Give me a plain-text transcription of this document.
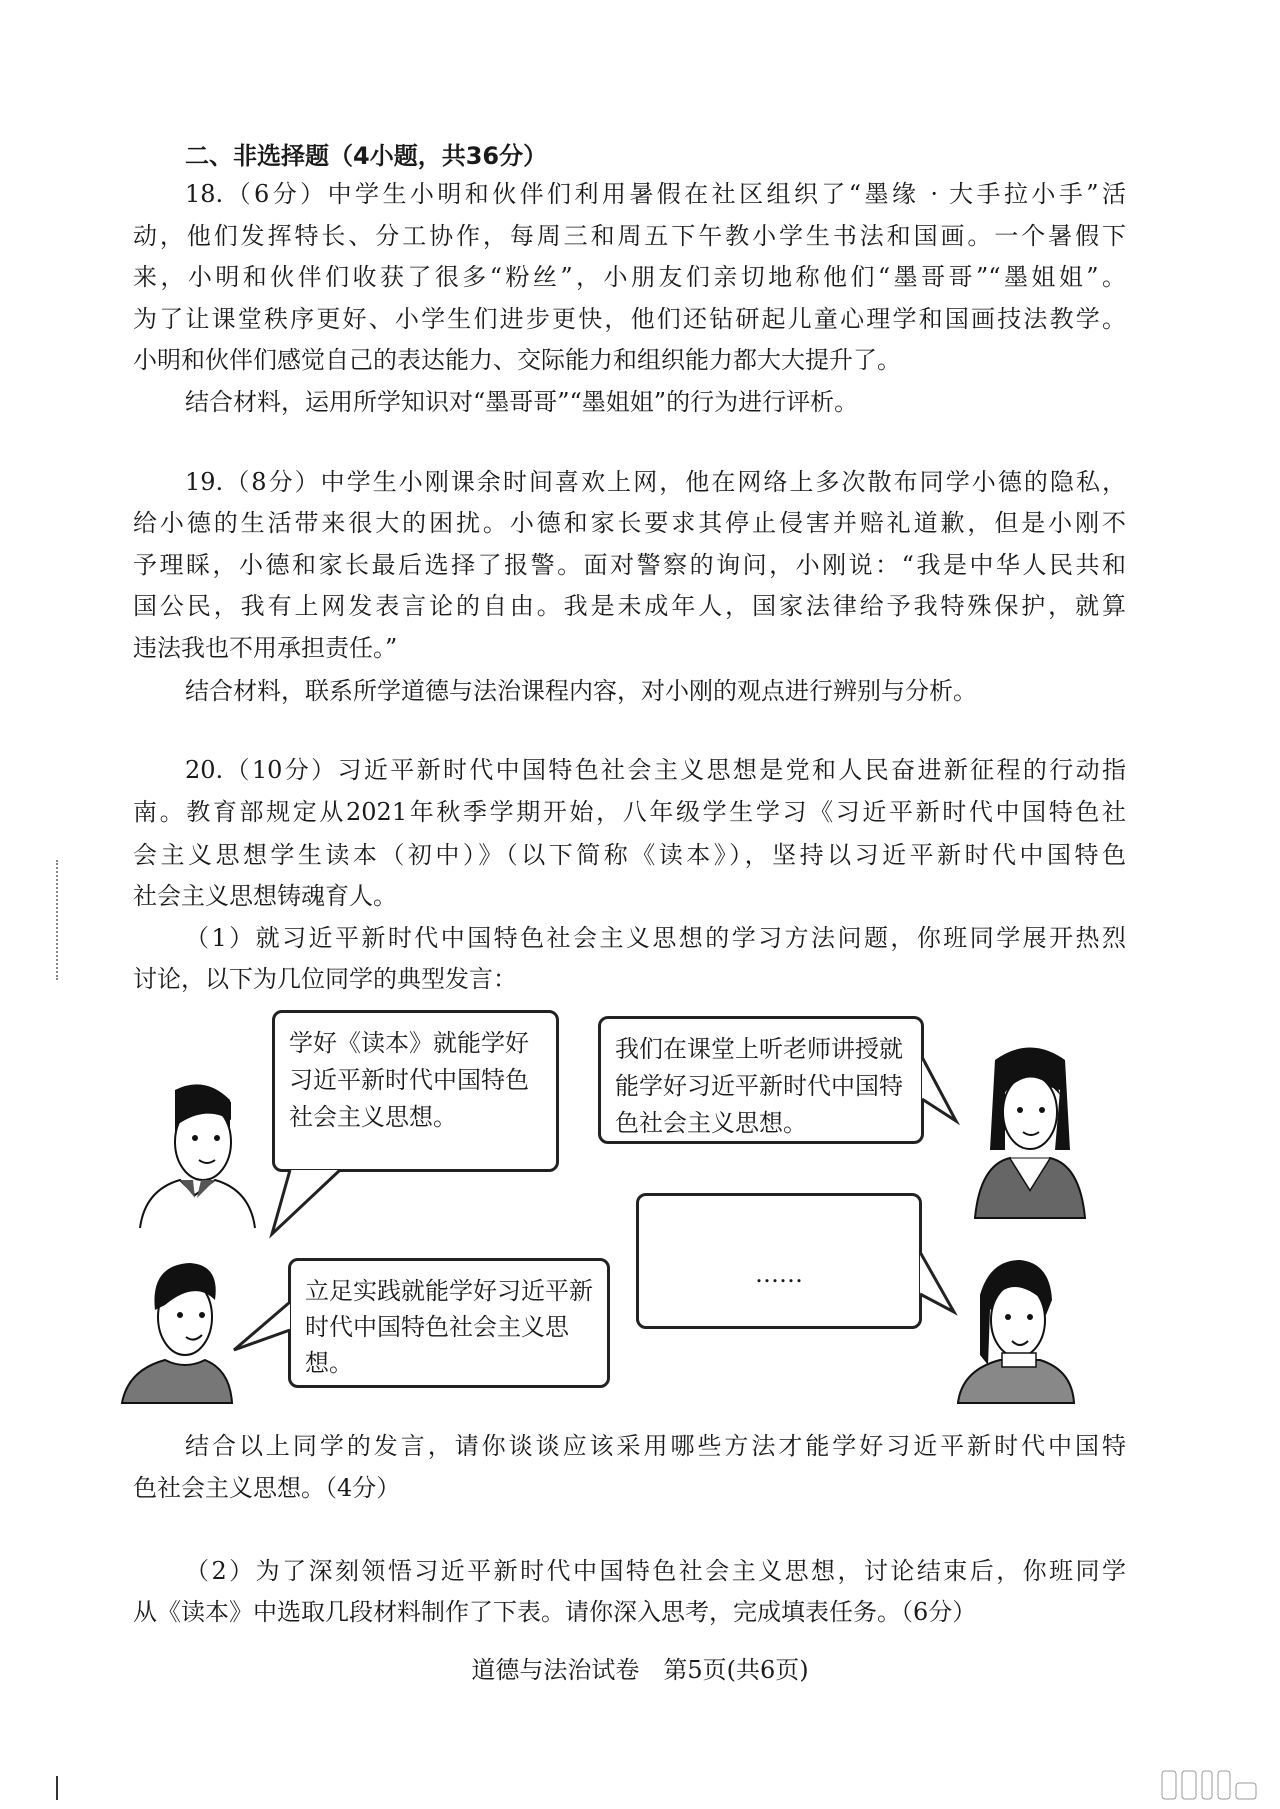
二、非选择题（4小题，共36分）
18.（6分）中学生小明和伙伴们利用暑假在社区组织了“墨缘 · 大手拉小手”活
动，他们发挥特长、分工协作，每周三和周五下午教小学生书法和国画。一个暑假下
来，小明和伙伴们收获了很多“粉丝”，小朋友们亲切地称他们“墨哥哥”“墨姐姐”。
为了让课堂秩序更好、小学生们进步更快，他们还钻研起儿童心理学和国画技法教学。
小明和伙伴们感觉自己的表达能力、交际能力和组织能力都大大提升了。
结合材料，运用所学知识对“墨哥哥”“墨姐姐”的行为进行评析。
19.（8分）中学生小刚课余时间喜欢上网，他在网络上多次散布同学小德的隐私，
给小德的生活带来很大的困扰。小德和家长要求其停止侵害并赔礼道歉，但是小刚不
予理睬，小德和家长最后选择了报警。面对警察的询问，小刚说：“我是中华人民共和
国公民，我有上网发表言论的自由。我是未成年人，国家法律给予我特殊保护，就算
违法我也不用承担责任。”
结合材料，联系所学道德与法治课程内容，对小刚的观点进行辨别与分析。
20.（10分）习近平新时代中国特色社会主义思想是党和人民奋进新征程的行动指
南。教育部规定从2021年秋季学期开始，八年级学生学习《习近平新时代中国特色社
会主义思想学生读本（初中）》（以下简称《读本》），坚持以习近平新时代中国特色
社会主义思想铸魂育人。
（1）就习近平新时代中国特色社会主义思想的学习方法问题，你班同学展开热烈
讨论，以下为几位同学的典型发言：
学好《读本》就能学好习近平新时代中国特色社会主义思想。
我们在课堂上听老师讲授就能学好习近平新时代中国特色社会主义思想。
……
立足实践就能学好习近平新时代中国特色社会主义思想。
结合以上同学的发言，请你谈谈应该采用哪些方法才能学好习近平新时代中国特
色社会主义思想。（4分）
（2）为了深刻领悟习近平新时代中国特色社会主义思想，讨论结束后，你班同学
从《读本》中选取几段材料制作了下表。请你深入思考，完成填表任务。（6分）
道德与法治试卷　第5页(共6页)
